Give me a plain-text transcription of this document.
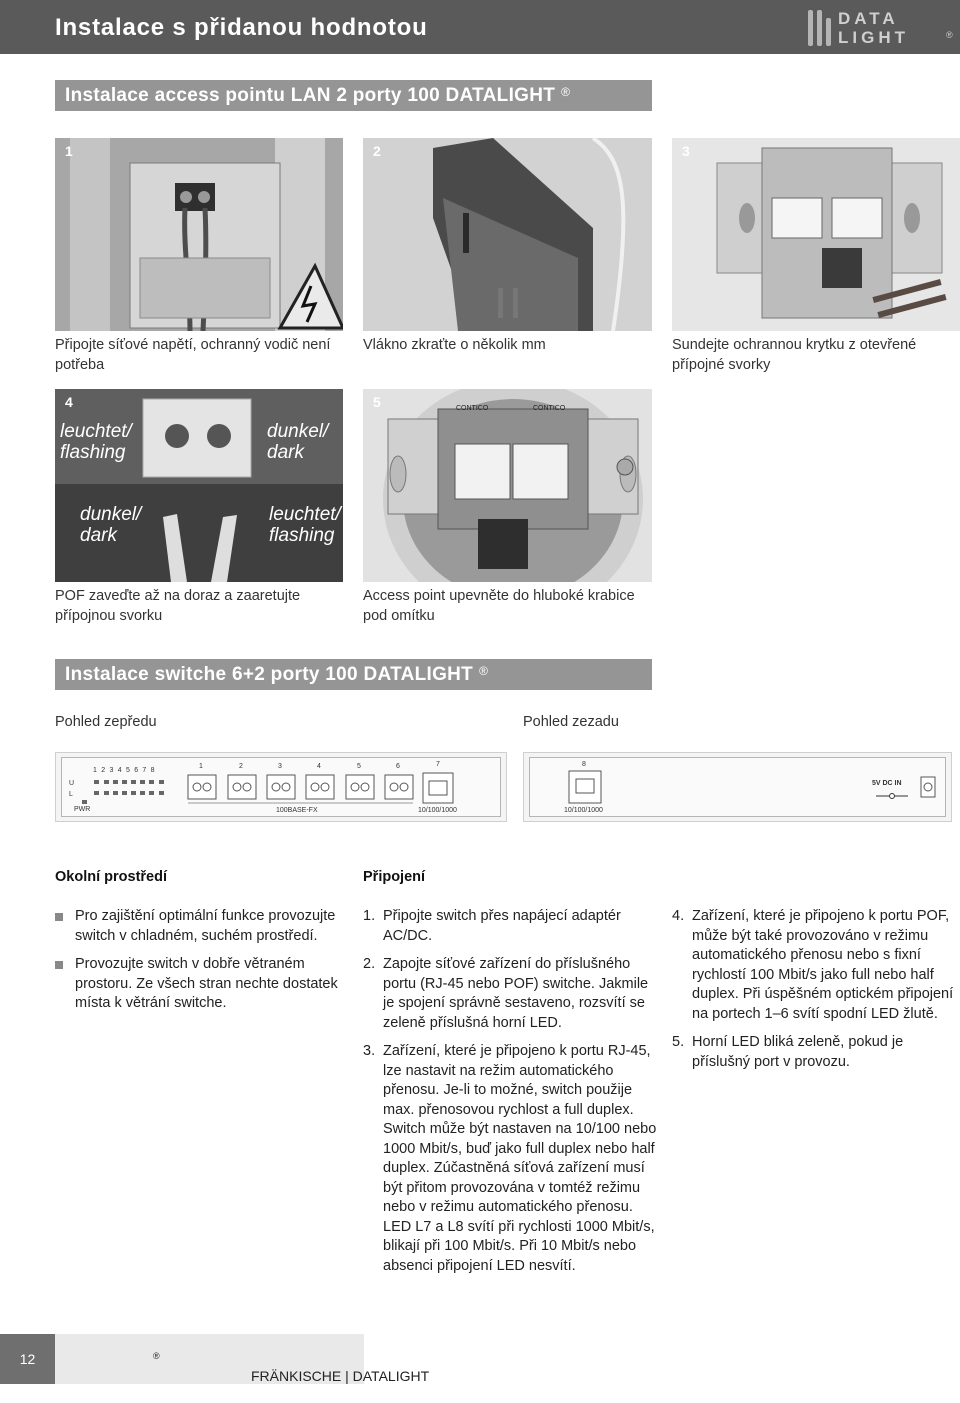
Instalace s přidanou hodnotou	DATA
LIGHT	®
Instalace access pointu LAN 2 porty 100 DATALIGHT ®
1
Připojte síťové napětí, ochranný vodič není potřeba
2
Vlákno zkraťte o několik mm
3
Sundejte ochrannou krytku z otevřené přípojné svorky
4
leuchtet/ flashing
dunkel/ dark
dunkel/ dark
leuchtet/ flashing
POF zaveďte až na doraz a zaaretujte přípojnou svorku
5	CONTICO	CONTICO
Access point upevněte do hluboké krabice pod omítku
Instalace switche 6+2 porty 100 DATALIGHT ®
Pohled zepředu	Pohled zezadu
1 2 3 4 5 6 7 8
U
L
PWR
1	2	3	4	5	6	7
100BASE-FX	10/100/1000
8
10/100/1000
5V DC IN
Okolní prostředí	Připojení
Pro zajištění optimální funkce provozujte switch v chladném, suchém prostředí.
Provozujte switch v dobře větraném prostoru. Ze všech stran nechte dostatek místa k větrání switche.
1. Připojte switch přes napájecí adaptér AC/DC.
2. Zapojte síťové zařízení do příslušného portu (RJ-45 nebo POF) switche. Jakmile je spojení správně sestaveno, rozsvítí se zeleně příslušná horní LED.
3. Zařízení, které je připojeno k portu RJ-45, lze nastavit na režim automatického přenosu. Je-li to možné, switch použije max. přenosovou rychlost a full duplex. Switch může být nastaven na 10/100 nebo 1000 Mbit/s, buď jako full duplex nebo half duplex. Zúčastněná síťová zařízení musí být přitom provozována v tomtéž režimu nebo v režimu automatického přenosu. LED L7 a L8 svítí při rychlosti 1000 Mbit/s, blikají při 100 Mbit/s. Při 10 Mbit/s nebo absenci připojení LED nesvítí.
4. Zařízení, které je připojeno k portu POF, může být také provozováno v režimu automatického přenosu nebo s fixní rychlostí 100 Mbit/s jako full nebo half duplex. Při úspěšném optickém připojení na portech 1–6 svítí spodní LED žlutě.
5. Horní LED bliká zeleně, pokud je příslušný port v provozu.
12
FRÄNKISCHE | DATALIGHT
®
